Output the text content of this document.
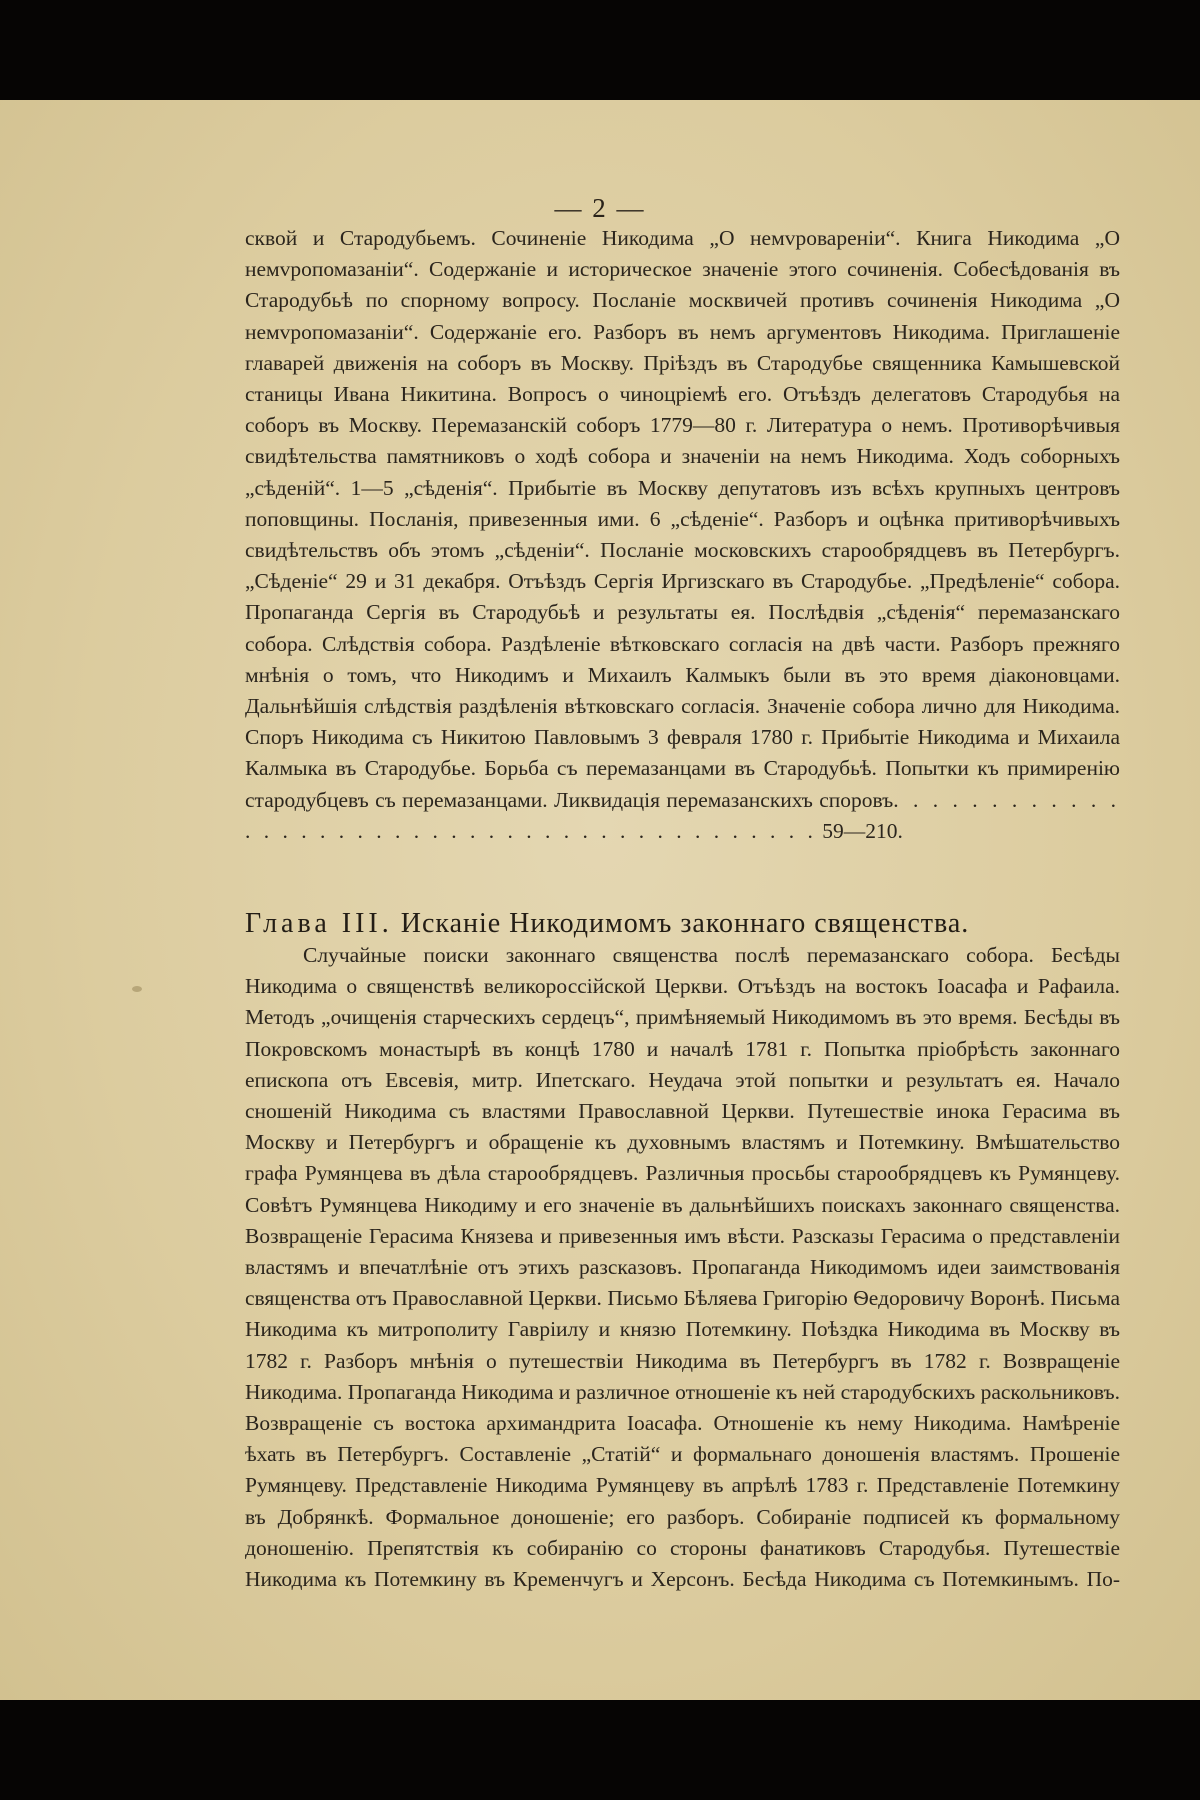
— 2 —

сквой и Стародубьемъ. Сочиненіе Никодима „О немvровареніи“. Книга Никодима „О немvропомазаніи“. Содержаніе и историческое значеніе этого сочиненія. Собесѣдованія въ Стародубьѣ по спорному вопросу. Посланіе москвичей противъ сочиненія Никодима „О немvропомазаніи“. Содержаніе его. Разборъ въ немъ аргументовъ Никодима. Приглашеніе главарей движенія на соборъ въ Москву. Пріѣздъ въ Стародубье священника Камышевской станицы Ивана Никитина. Вопросъ о чиноцріемѣ его. Отъѣздъ делегатовъ Стародубья на соборъ въ Москву. Перемазанскій соборъ 1779—80 г. Литература о немъ. Противорѣчивыя свидѣтельства памятниковъ о ходѣ собора и значеніи на немъ Никодима. Ходъ соборныхъ „сѣденій“. 1—5 „сѣденія“. Прибытіе въ Москву депутатовъ изъ всѣхъ крупныхъ центровъ поповщины. Посланія, привезенныя ими. 6 „сѣденіе“. Разборъ и оцѣнка притиворѣчивыхъ свидѣтельствъ объ этомъ „сѣденіи“. Посланіе московскихъ старообрядцевъ въ Петербургъ. „Сѣденіе“ 29 и 31 декабря. Отъѣздъ Сергія Иргизскаго въ Стародубье. „Предѣленіе“ собора. Пропаганда Сергія въ Стародубьѣ и результаты ея. Послѣдвія „сѣденія“ перемазанскаго собора. Слѣдствія собора. Раздѣленіе вѣтковскаго согласія на двѣ части. Разборъ прежняго мнѣнія о томъ, что Никодимъ и Михаилъ Калмыкъ были въ это время діаконовцами. Дальнѣйшія слѣдствія раздѣленія вѣтковскаго согласія. Значеніе собора лично для Никодима. Споръ Никодима съ Никитою Павловымъ 3 февраля 1780 г. Прибытіе Никодима и Михаила Калмыка въ Стародубье. Борьба съ перемазанцами въ Стародубьѣ. Попытки къ примиренію стародубцевъ съ перемазанцами. Ликвидація перемазанскихъ споровъ. . . . . . . . . . . . . . . . . . . . . . . . . . . . . . . . . . . . . . . . . . . 59—210.

Глава III. Исканіе Никодимомъ законнаго священства.

Случайные поиски законнаго священства послѣ перемазанскаго собора. Бесѣды Никодима о священствѣ великороссійской Церкви. Отъѣздъ на востокъ Іоасафа и Рафаила. Методъ „очищенія старческихъ сердецъ“, примѣняемый Никодимомъ въ это время. Бесѣды въ Покровскомъ монастырѣ въ концѣ 1780 и началѣ 1781 г. Попытка пріобрѣсть законнаго епископа отъ Евсевія, митр. Ипетскаго. Неудача этой попытки и результатъ ея. Начало сношеній Никодима съ властями Православной Церкви. Путешествіе инока Герасима въ Москву и Петербургъ и обращеніе къ духовнымъ властямъ и Потемкину. Вмѣшательство графа Румянцева въ дѣла старообрядцевъ. Различныя просьбы старообрядцевъ къ Румянцеву. Совѣтъ Румянцева Никодиму и его значеніе въ дальнѣйшихъ поискахъ законнаго священства. Возвращеніе Герасима Князева и привезенныя имъ вѣсти. Разсказы Герасима о представленіи властямъ и впечатлѣніе отъ этихъ разсказовъ. Пропаганда Никодимомъ идеи заимствованія священства отъ Православной Церкви. Письмо Бѣляева Григорію Ѳедоровичу Воронѣ. Письма Никодима къ митрополиту Гавріилу и князю Потемкину. Поѣздка Никодима въ Москву въ 1782 г. Разборъ мнѣнія о путешествіи Никодима въ Петербургъ въ 1782 г. Возвращеніе Никодима. Пропаганда Никодима и различное отношеніе къ ней стародубскихъ раскольниковъ. Возвращеніе съ востока архимандрита Іоасафа. Отношеніе къ нему Никодима. Намѣреніе ѣхать въ Петербургъ. Составленіе „Статій“ и формальнаго доношенія властямъ. Прошеніе Румянцеву. Представленіе Никодима Румянцеву въ апрѣлѣ 1783 г. Представленіе Потемкину въ Добрянкѣ. Формальное доношеніе; его разборъ. Собираніе подписей къ формальному доношенію. Препятствія къ собиранію со стороны фанатиковъ Стародубья. Путешествіе Никодима къ Потемкину въ Кременчугъ и Херсонъ. Бесѣда Никодима съ Потемкинымъ. По-
